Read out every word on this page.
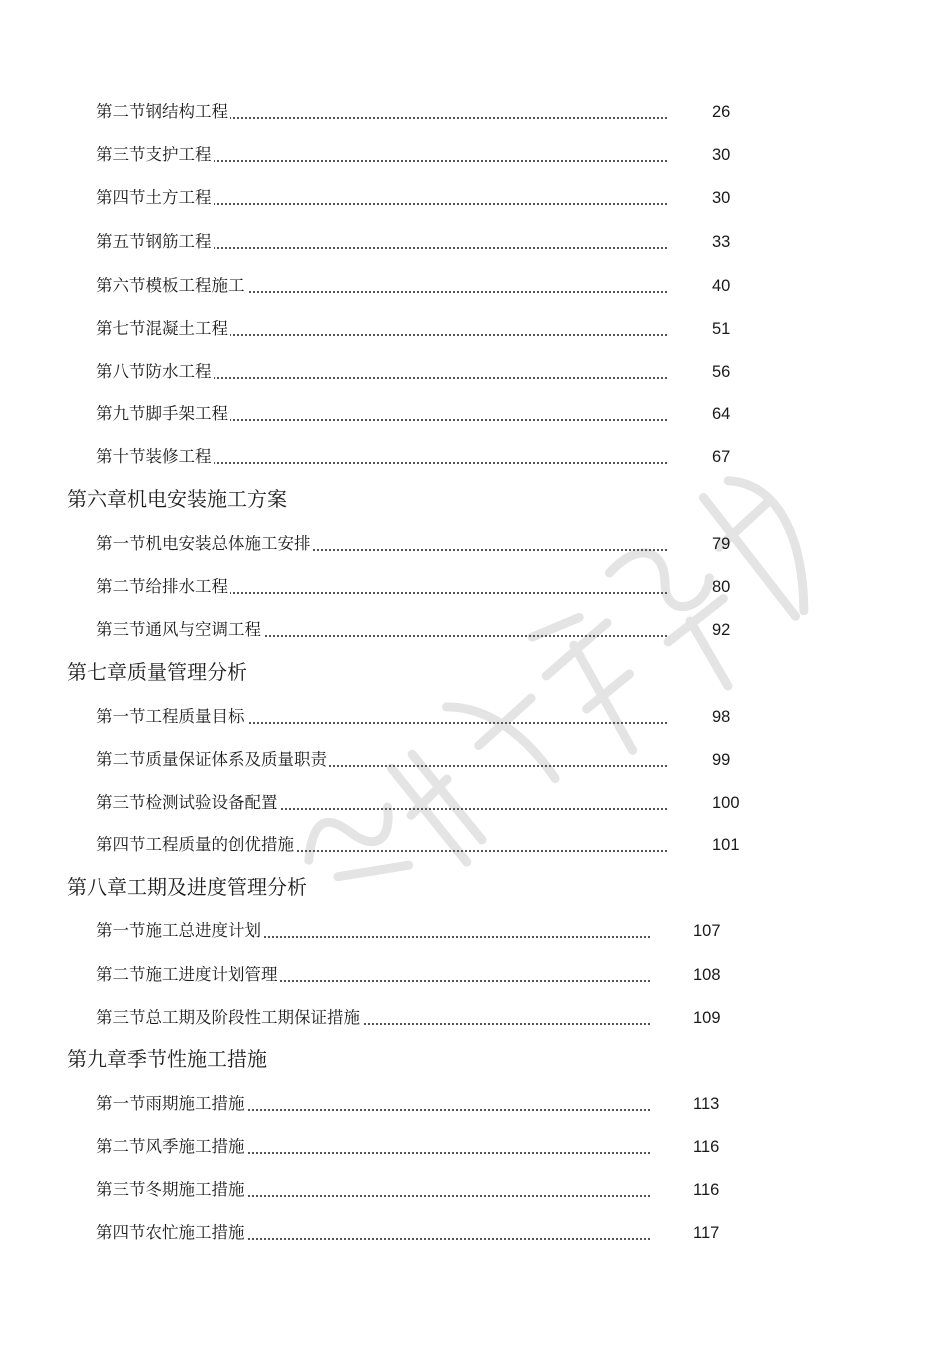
第二节钢结构工程	26
第三节支护工程	30
第四节土方工程	30
第五节钢筋工程	33
第六节模板工程施工	40
第七节混凝土工程	51
第八节防水工程	56
第九节脚手架工程	64
第十节装修工程	67
第六章机电安装施工方案
第一节机电安装总体施工安排	79
第二节给排水工程	80
第三节通风与空调工程	92
第七章质量管理分析
第一节工程质量目标	98
第二节质量保证体系及质量职责	99
第三节检测试验设备配置	100
第四节工程质量的创优措施	101
第八章工期及进度管理分析
第一节施工总进度计划	107
第二节施工进度计划管理	108
第三节总工期及阶段性工期保证措施	109
第九章季节性施工措施
第一节雨期施工措施	113
第二节风季施工措施	116
第三节冬期施工措施	116
第四节农忙施工措施	117
